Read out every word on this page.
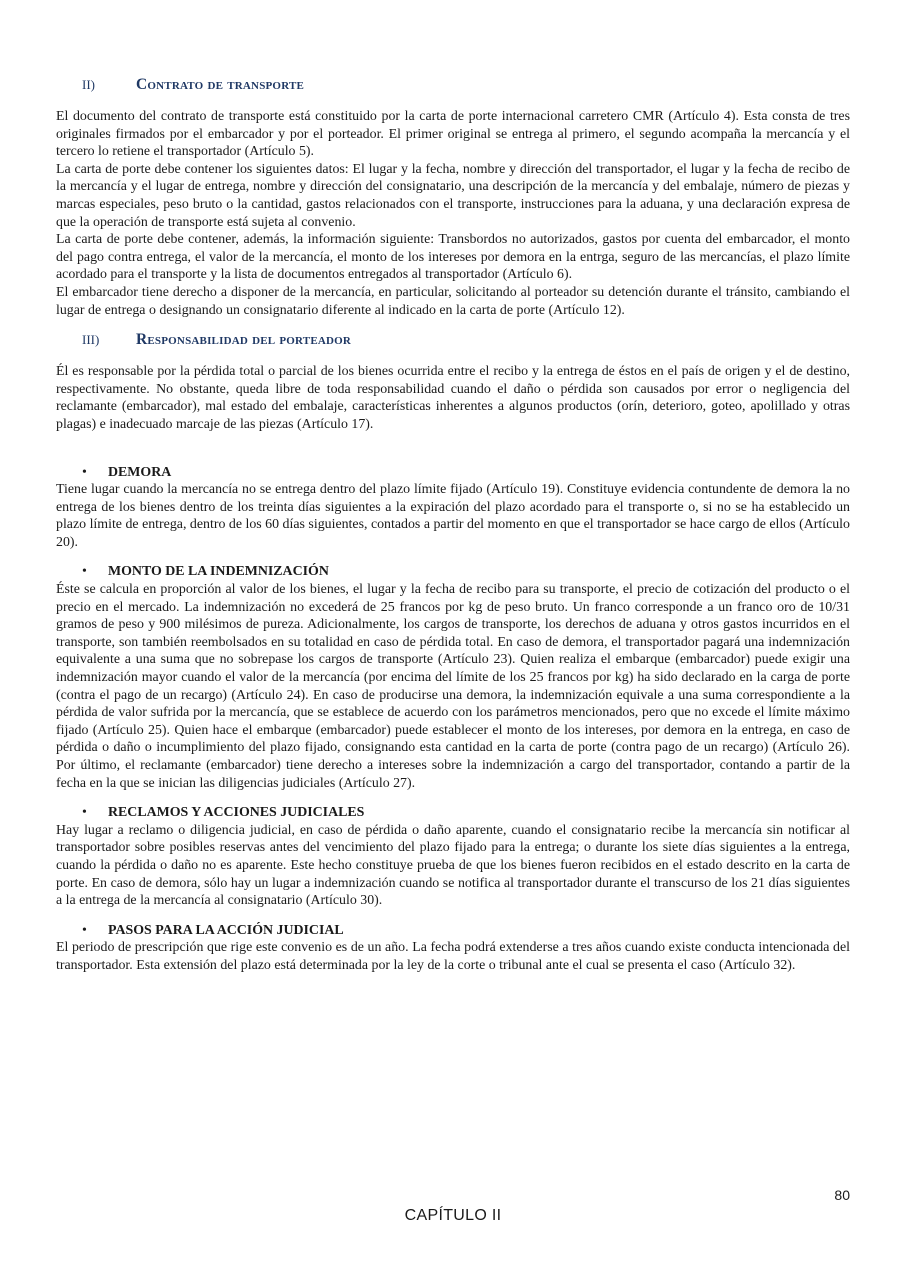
II)	Contrato de transporte

El documento del contrato de transporte está constituido por la carta de porte internacional carretero CMR (Artículo 4). Esta consta de tres originales firmados por el embarcador y por el porteador. El primer original se entrega al primero, el segundo acompaña la mercancía y el tercero lo retiene el transportador (Artículo 5).

La carta de porte debe contener los siguientes datos: El lugar y la fecha, nombre y dirección del transportador, el lugar y la fecha de recibo de la mercancía y el lugar de entrega, nombre y dirección del consignatario, una descripción de la mercancía y del embalaje, número de piezas y marcas especiales, peso bruto o la cantidad, gastos relacionados con el transporte, instrucciones para la aduana, y una declaración expresa de que la operación de transporte está sujeta al convenio.

La carta de porte debe contener, además, la información siguiente: Transbordos no autorizados, gastos por cuenta del embarcador, el monto del pago contra entrega, el valor de la mercancía, el monto de los intereses por demora en la entrga, seguro de las mercancías, el plazo límite acordado para el transporte y la lista de documentos entregados al transportador (Artículo 6).

El embarcador tiene derecho a disponer de la mercancía, en particular, solicitando al porteador su detención durante el tránsito, cambiando el lugar de entrega o designando un consignatario diferente al indicado en la carta de porte (Artículo 12).

III)	Responsabilidad del porteador

Él es responsable por la pérdida total o parcial de los bienes ocurrida entre el recibo y la entrega de éstos en el país de origen y el de destino, respectivamente. No obstante, queda libre de toda responsabilidad cuando el daño o pérdida son causados por error o negligencia del reclamante (embarcador), mal estado del embalaje, características inherentes a algunos productos (orín, deterioro, goteo, apolillado y otras plagas) e inadecuado marcaje de las piezas (Artículo 17).

•	DEMORA

Tiene lugar cuando la mercancía no se entrega dentro del plazo límite fijado (Artículo 19). Constituye evidencia contundente de demora la no entrega de los bienes dentro de los treinta días siguientes a la expiración del plazo acordado para el transporte o, si no se ha establecido un plazo límite de entrega, dentro de los 60 días siguientes, contados a partir del momento en que el transportador se hace cargo de ellos (Artículo 20).

•	MONTO DE LA INDEMNIZACIÓN

Éste se calcula en proporción al valor de los bienes, el lugar y la fecha de recibo para su transporte, el precio de cotización del producto o el precio en el mercado. La indemnización no excederá de 25 francos por kg de peso bruto. Un franco corresponde a un franco oro de 10/31 gramos de peso y 900 milésimos de pureza. Adicionalmente, los cargos de transporte, los derechos de aduana y otros gastos incurridos en el transporte, son también reembolsados en su totalidad en caso de pérdida total. En caso de demora, el transportador pagará una indemnización equivalente a una suma que no sobrepase los cargos de transporte (Artículo 23). Quien realiza el embarque (embarcador) puede exigir una indemnización mayor cuando el valor de la mercancía (por encima del límite de los 25 francos por kg) ha sido declarado en la carga de porte (contra el pago de un recargo) (Artículo 24). En caso de producirse una demora, la indemnización equivale a una suma correspondiente a la pérdida de valor sufrida por la mercancía, que se establece de acuerdo con los parámetros mencionados, pero que no excede el límite máximo fijado (Artículo 25). Quien hace el embarque (embarcador) puede establecer el monto de los intereses, por demora en la entrega, en caso de pérdida o daño o incumplimiento del plazo fijado, consignando esta cantidad en la carta de porte (contra pago de un recargo) (Artículo 26). Por último, el reclamante (embarcador) tiene derecho a intereses sobre la indemnización a cargo del transportador, contando a partir de la fecha en la que se inician las diligencias judiciales (Artículo 27).

•	RECLAMOS Y ACCIONES JUDICIALES

Hay lugar a reclamo o diligencia judicial, en caso de pérdida o daño aparente, cuando el consignatario recibe la mercancía sin notificar al transportador sobre posibles reservas antes del vencimiento del plazo fijado para la entrega; o durante los siete días siguientes a la entrega, cuando la pérdida o daño no es aparente. Este hecho constituye prueba de que los bienes fueron recibidos en el estado descrito en la carta de porte. En caso de demora, sólo hay un lugar a indemnización cuando se notifica al transportador durante el transcurso de los 21 días siguientes a la entrega de la mercancía al consignatario (Artículo 30).

•	PASOS PARA LA ACCIÓN JUDICIAL

El periodo de prescripción que rige este convenio es de un año. La fecha podrá extenderse a tres años cuando existe conducta intencionada del transportador. Esta extensión del plazo está determinada por la ley de la corte o tribunal ante el cual se presenta el caso (Artículo 32).

80
CAPÍTULO II
